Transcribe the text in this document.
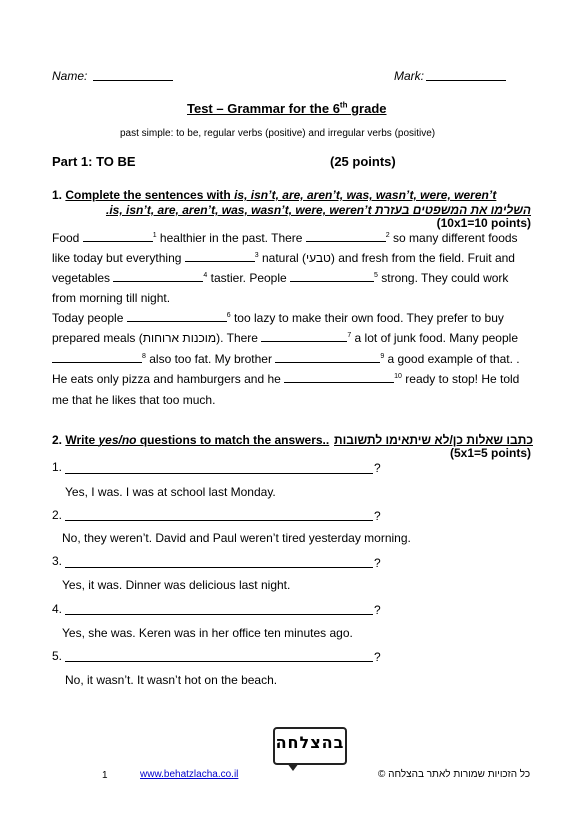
Name:	Mark:
Test – Grammar for the 6th grade
past simple: to be, regular verbs (positive) and irregular verbs (positive)
Part 1: TO BE	(25 points)
1. Complete the sentences with is, isn’t, are, aren’t, was, wasn’t, were, weren’t
השלימו את המשפטים בעזרת is, isn’t, are, aren’t, was, wasn’t, were, weren’t.
(10x1=10 points)
Food	$^1$ healthier in the past. There	$^2$ so many different foods
like today but everything	$^3$ natural (טבעי) and fresh from the field. Fruit and
vegetables	$^4$ tastier. People	$^5$ strong. They could work
from morning till night.
Today people	$^6$ too lazy to make their own food. They prefer to buy
prepared meals (מוכנות ארוחות). There	$^7$ a lot of junk food. Many people
$^8$ also too fat. My brother	$^9$ a good example of that. .
He eats only pizza and hamburgers and he	$^{10}$ ready to stop! He told
me that he likes that too much.
2. Write yes/no questions to match the answers.. כתבו שאלות כן/לא שיתאימו לתשובות
(5x1=5 points)
1.	?
Yes, I was. I was at school last Monday.
2.	?
No, they weren’t. David and Paul weren’t tired yesterday morning.
3.	?
Yes, it was. Dinner was delicious last night.
4.	?
Yes, she was. Keren was in her office ten minutes ago.
5.	?
No, it wasn’t. It wasn’t hot on the beach.
בהצלחה
1	www.behatzlacha.co.il	כל הזכויות שמורות לאתר בהצלחה ©
